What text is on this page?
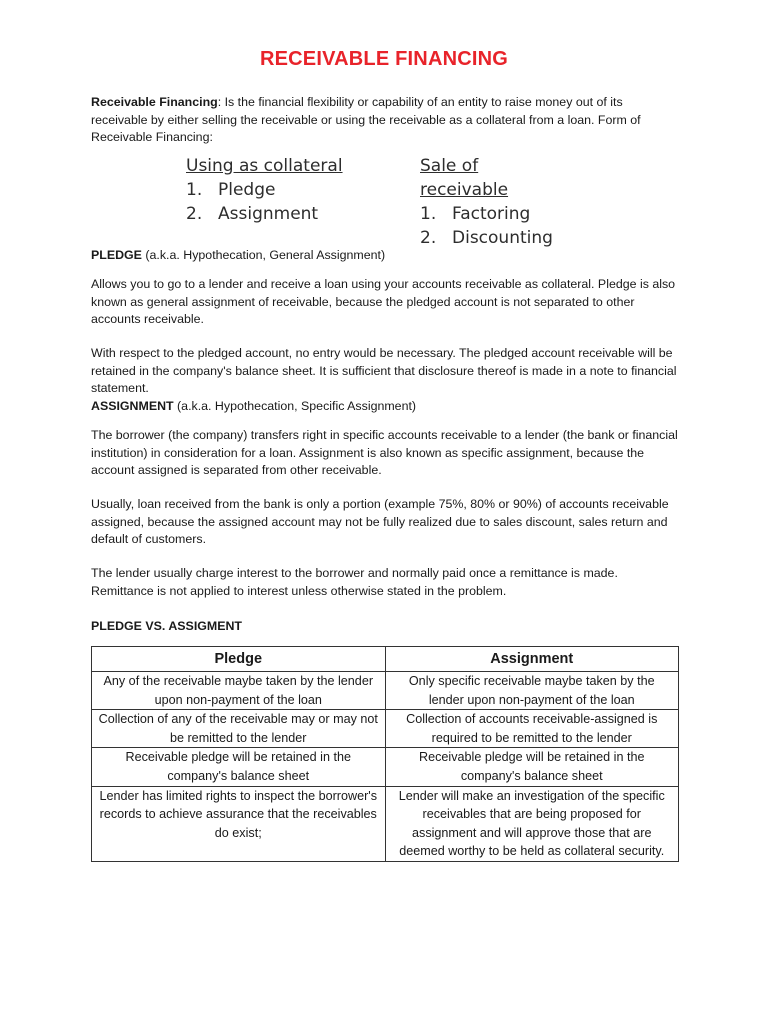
RECEIVABLE FINANCING
Receivable Financing: Is the financial flexibility or capability of an entity to raise money out of its receivable by either selling the receivable or using the receivable as a collateral from a loan. Form of Receivable Financing:
Using as collateral
1. Pledge
2. Assignment
Sale of receivable
1. Factoring
2. Discounting
PLEDGE (a.k.a. Hypothecation, General Assignment)
Allows you to go to a lender and receive a loan using your accounts receivable as collateral. Pledge is also known as general assignment of receivable, because the pledged account is not separated to other accounts receivable.
With respect to the pledged account, no entry would be necessary. The pledged account receivable will be retained in the company's balance sheet. It is sufficient that disclosure thereof is made in a note to financial statement.
ASSIGNMENT (a.k.a. Hypothecation, Specific Assignment)
The borrower (the company) transfers right in specific accounts receivable to a lender (the bank or financial institution) in consideration for a loan. Assignment is also known as specific assignment, because the account assigned is separated from other receivable.
Usually, loan received from the bank is only a portion (example 75%, 80% or 90%) of accounts receivable assigned, because the assigned account may not be fully realized due to sales discount, sales return and default of customers.
The lender usually charge interest to the borrower and normally paid once a remittance is made. Remittance is not applied to interest unless otherwise stated in the problem.
PLEDGE VS. ASSIGMENT
Pledge	Assignment
Any of the receivable maybe taken by the lender upon non-payment of the loan	Only specific receivable maybe taken by the lender upon non-payment of the loan
Collection of any of the receivable may or may not be remitted to the lender	Collection of accounts receivable-assigned is required to be remitted to the lender
Receivable pledge will be retained in the company's balance sheet	Receivable pledge will be retained in the company's balance sheet
Lender has limited rights to inspect the borrower's records to achieve assurance that the receivables do exist;	Lender will make an investigation of the specific receivables that are being proposed for assignment and will approve those that are deemed worthy to be held as collateral security.
